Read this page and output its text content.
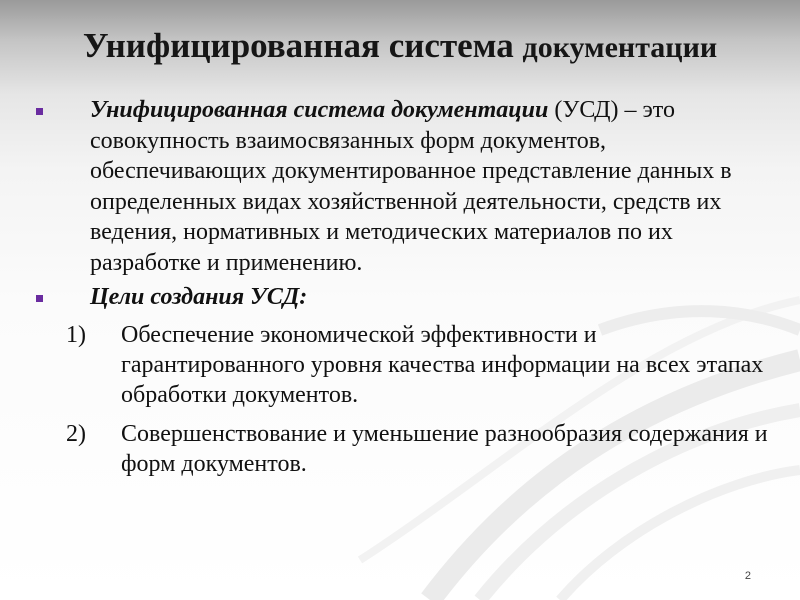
Унифицированная система документации
Унифицированная система документации (УСД) – это совокупность взаимосвязанных форм документов, обеспечивающих документированное представление данных в определенных видах хозяйственной деятельности, средств их ведения, нормативных и методических материалов по их разработке и применению.
Цели создания УСД:
1) Обеспечение экономической эффективности и гарантированного уровня качества информации на всех этапах обработки документов.
2) Совершенствование и уменьшение разнообразия содержания и форм документов.
2
